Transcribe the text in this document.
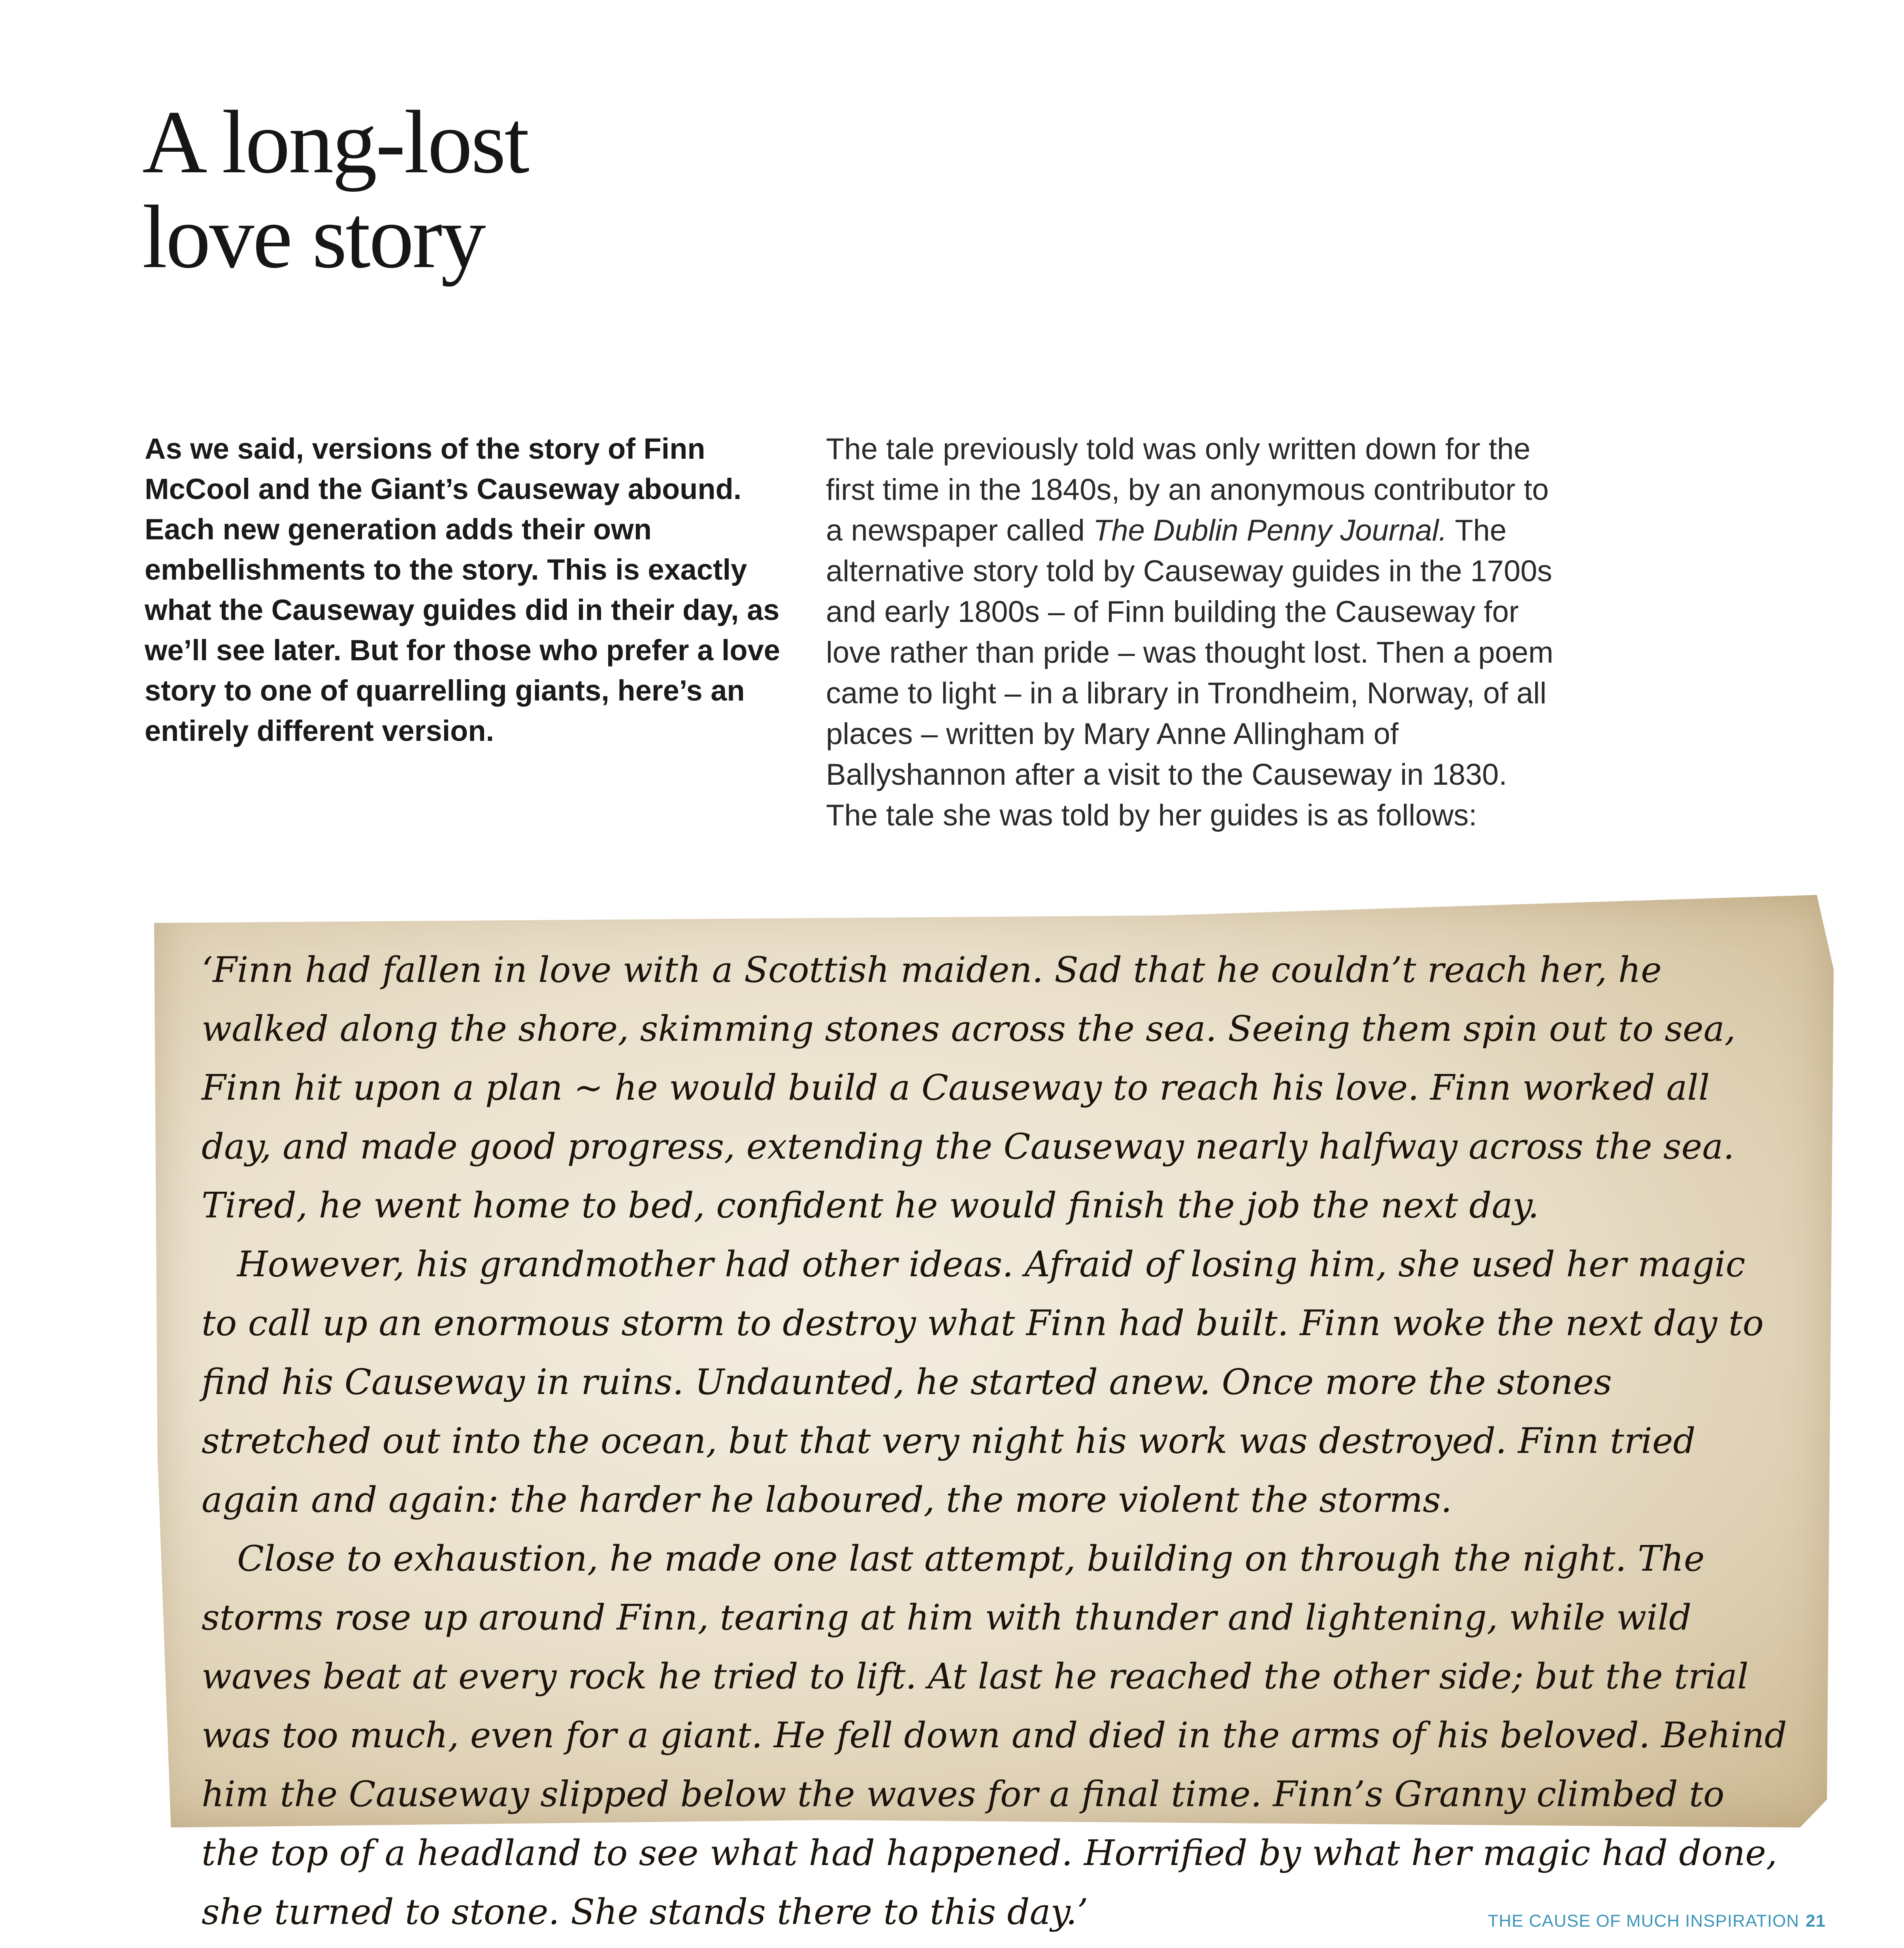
A long-lost
love story
As we said, versions of the story of Finn McCool and the Giant’s Causeway abound. Each new generation adds their own embellishments to the story. This is exactly what the Causeway guides did in their day, as we’ll see later. But for those who prefer a love story to one of quarrelling giants, here’s an entirely different version.
The tale previously told was only written down for the first time in the 1840s, by an anonymous contributor to a newspaper called The Dublin Penny Journal. The alternative story told by Causeway guides in the 1700s and early 1800s – of Finn building the Causeway for love rather than pride – was thought lost. Then a poem came to light – in a library in Trondheim, Norway, of all places – written by Mary Anne Allingham of Ballyshannon after a visit to the Causeway in 1830. The tale she was told by her guides is as follows:

‘Finn had fallen in love with a Scottish maiden. Sad that he couldn’t reach her, he walked along the shore, skimming stones across the sea. Seeing them spin out to sea, Finn hit upon a plan ~ he would build a Causeway to reach his love. Finn worked all day, and made good progress, extending the Causeway nearly halfway across the sea. Tired, he went home to bed, confident he would finish the job the next day.

However, his grandmother had other ideas. Afraid of losing him, she used her magic to call up an enormous storm to destroy what Finn had built. Finn woke the next day to find his Causeway in ruins. Undaunted, he started anew. Once more the stones stretched out into the ocean, but that very night his work was destroyed. Finn tried again and again: the harder he laboured, the more violent the storms.

Close to exhaustion, he made one last attempt, building on through the night. The storms rose up around Finn, tearing at him with thunder and lightening, while wild waves beat at every rock he tried to lift. At last he reached the other side; but the trial was too much, even for a giant. He fell down and died in the arms of his beloved. Behind him the Causeway slipped below the waves for a final time. Finn’s Granny climbed to the top of a headland to see what had happened. Horrified by what her magic had done, she turned to stone. She stands there to this day.’	THE CAUSE OF MUCH INSPIRATION 21
